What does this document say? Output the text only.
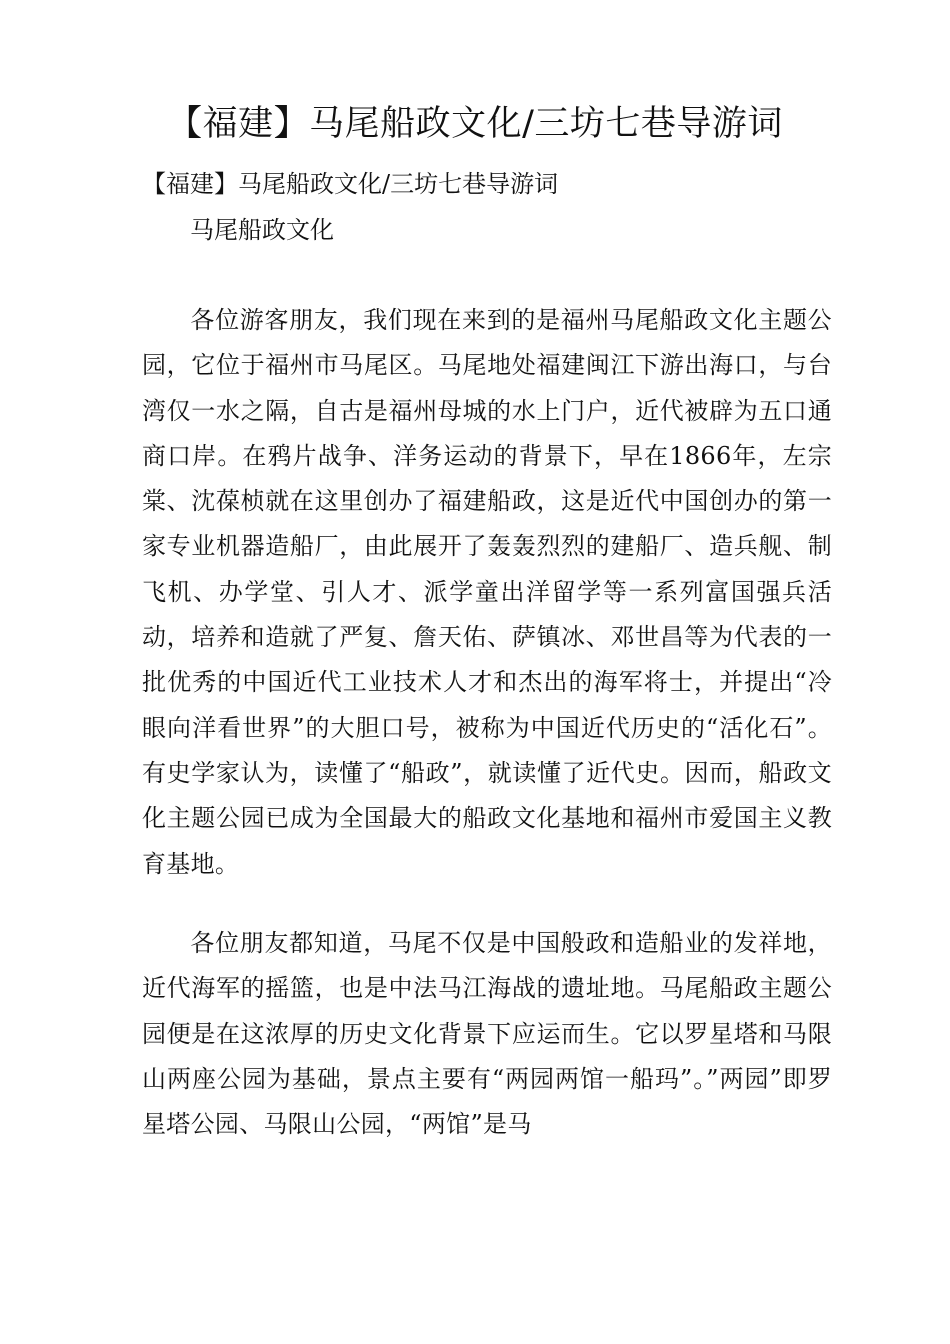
【福建】马尾船政文化/三坊七巷导游词

【福建】马尾船政文化/三坊七巷导游词

马尾船政文化

各位游客朋友，我们现在来到的是福州马尾船政文化主题公园，它位于福州市马尾区。马尾地处福建闽江下游出海口，与台湾仅一水之隔，自古是福州母城的水上门户，近代被辟为五口通商口岸。在鸦片战争、洋务运动的背景下，早在1866年，左宗棠、沈葆桢就在这里创办了福建船政，这是近代中国创办的第一家专业机器造船厂，由此展开了轰轰烈烈的建船厂、造兵舰、制飞机、办学堂、引人才、派学童出洋留学等一系列富国强兵活动，培养和造就了严复、詹天佑、萨镇冰、邓世昌等为代表的一批优秀的中国近代工业技术人才和杰出的海军将士，并提出“冷眼向洋看世界”的大胆口号，被称为中国近代历史的“活化石”。有史学家认为，读懂了“船政”，就读懂了近代史。因而，船政文化主题公园已成为全国最大的船政文化基地和福州市爱国主义教育基地。

各位朋友都知道，马尾不仅是中国般政和造船业的发祥地，近代海军的摇篮，也是中法马江海战的遗址地。马尾船政主题公园便是在这浓厚的历史文化背景下应运而生。它以罗星塔和马限山两座公园为基础，景点主要有“两园两馆一船玛”。”两园”即罗星塔公园、马限山公园，“两馆”是马
